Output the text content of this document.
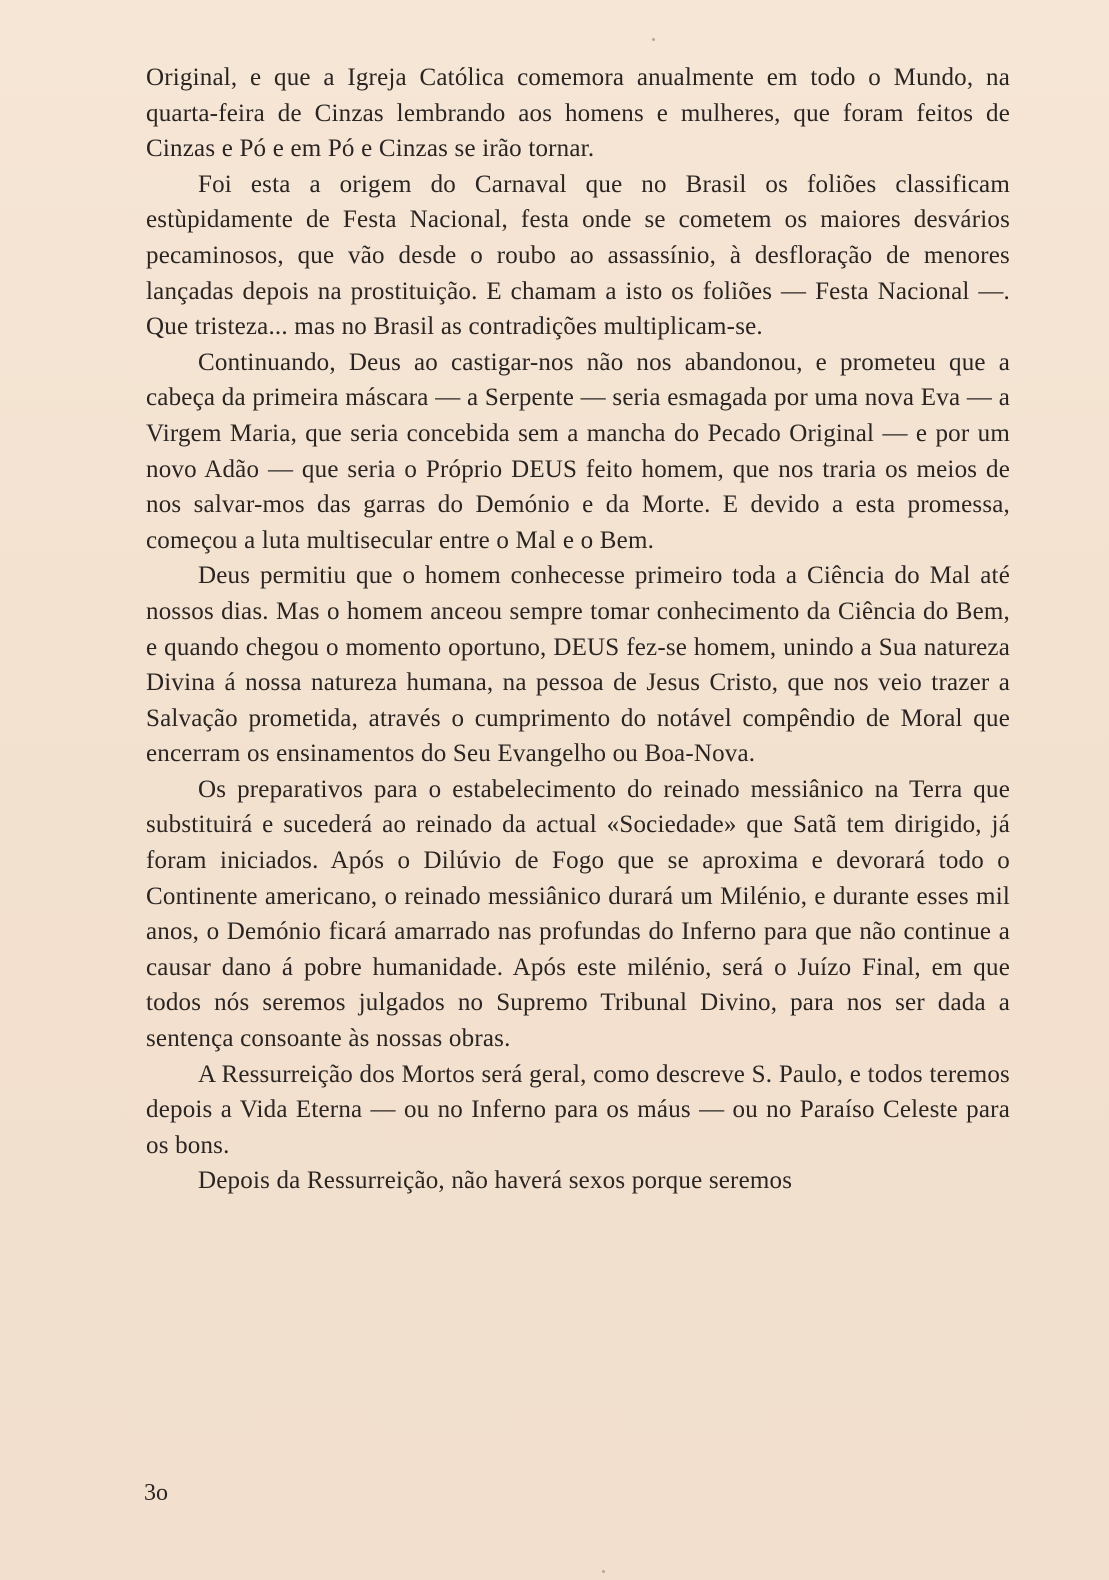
Original, e que a Igreja Católica comemora anualmente em todo o Mundo, na quarta-feira de Cinzas lembrando aos homens e mulheres, que foram feitos de Cinzas e Pó e em Pó e Cinzas se irão tornar.

Foi esta a origem do Carnaval que no Brasil os foliões classificam estùpidamente de Festa Nacional, festa onde se cometem os maiores desvários pecaminosos, que vão desde o roubo ao assassínio, à desfloração de menores lançadas depois na prostituição. E chamam a isto os foliões — Festa Nacional —. Que tristeza... mas no Brasil as contradições multiplicam-se.

Continuando, Deus ao castigar-nos não nos abandonou, e prometeu que a cabeça da primeira máscara — a Serpente — seria esmagada por uma nova Eva — a Virgem Maria, que seria concebida sem a mancha do Pecado Original — e por um novo Adão — que seria o Próprio DEUS feito homem, que nos traria os meios de nos salvar-mos das garras do Demónio e da Morte. E devido a esta promessa, começou a luta multisecular entre o Mal e o Bem.

Deus permitiu que o homem conhecesse primeiro toda a Ciência do Mal até nossos dias. Mas o homem anceou sempre tomar conhecimento da Ciência do Bem, e quando chegou o momento oportuno, DEUS fez-se homem, unindo a Sua natureza Divina á nossa natureza humana, na pessoa de Jesus Cristo, que nos veio trazer a Salvação prometida, através o cumprimento do notável compêndio de Moral que encerram os ensinamentos do Seu Evangelho ou Boa-Nova.

Os preparativos para o estabelecimento do reinado messiânico na Terra que substituirá e sucederá ao reinado da actual «Sociedade» que Satã tem dirigido, já foram iniciados. Após o Dilúvio de Fogo que se aproxima e devorará todo o Continente americano, o reinado messiânico durará um Milénio, e durante esses mil anos, o Demónio ficará amarrado nas profundas do Inferno para que não continue a causar dano á pobre humanidade. Após este milénio, será o Juízo Final, em que todos nós seremos julgados no Supremo Tribunal Divino, para nos ser dada a sentença consoante às nossas obras.

A Ressurreição dos Mortos será geral, como descreve S. Paulo, e todos teremos depois a Vida Eterna — ou no Inferno para os máus — ou no Paraíso Celeste para os bons.

Depois da Ressurreição, não haverá sexos porque seremos

3o
